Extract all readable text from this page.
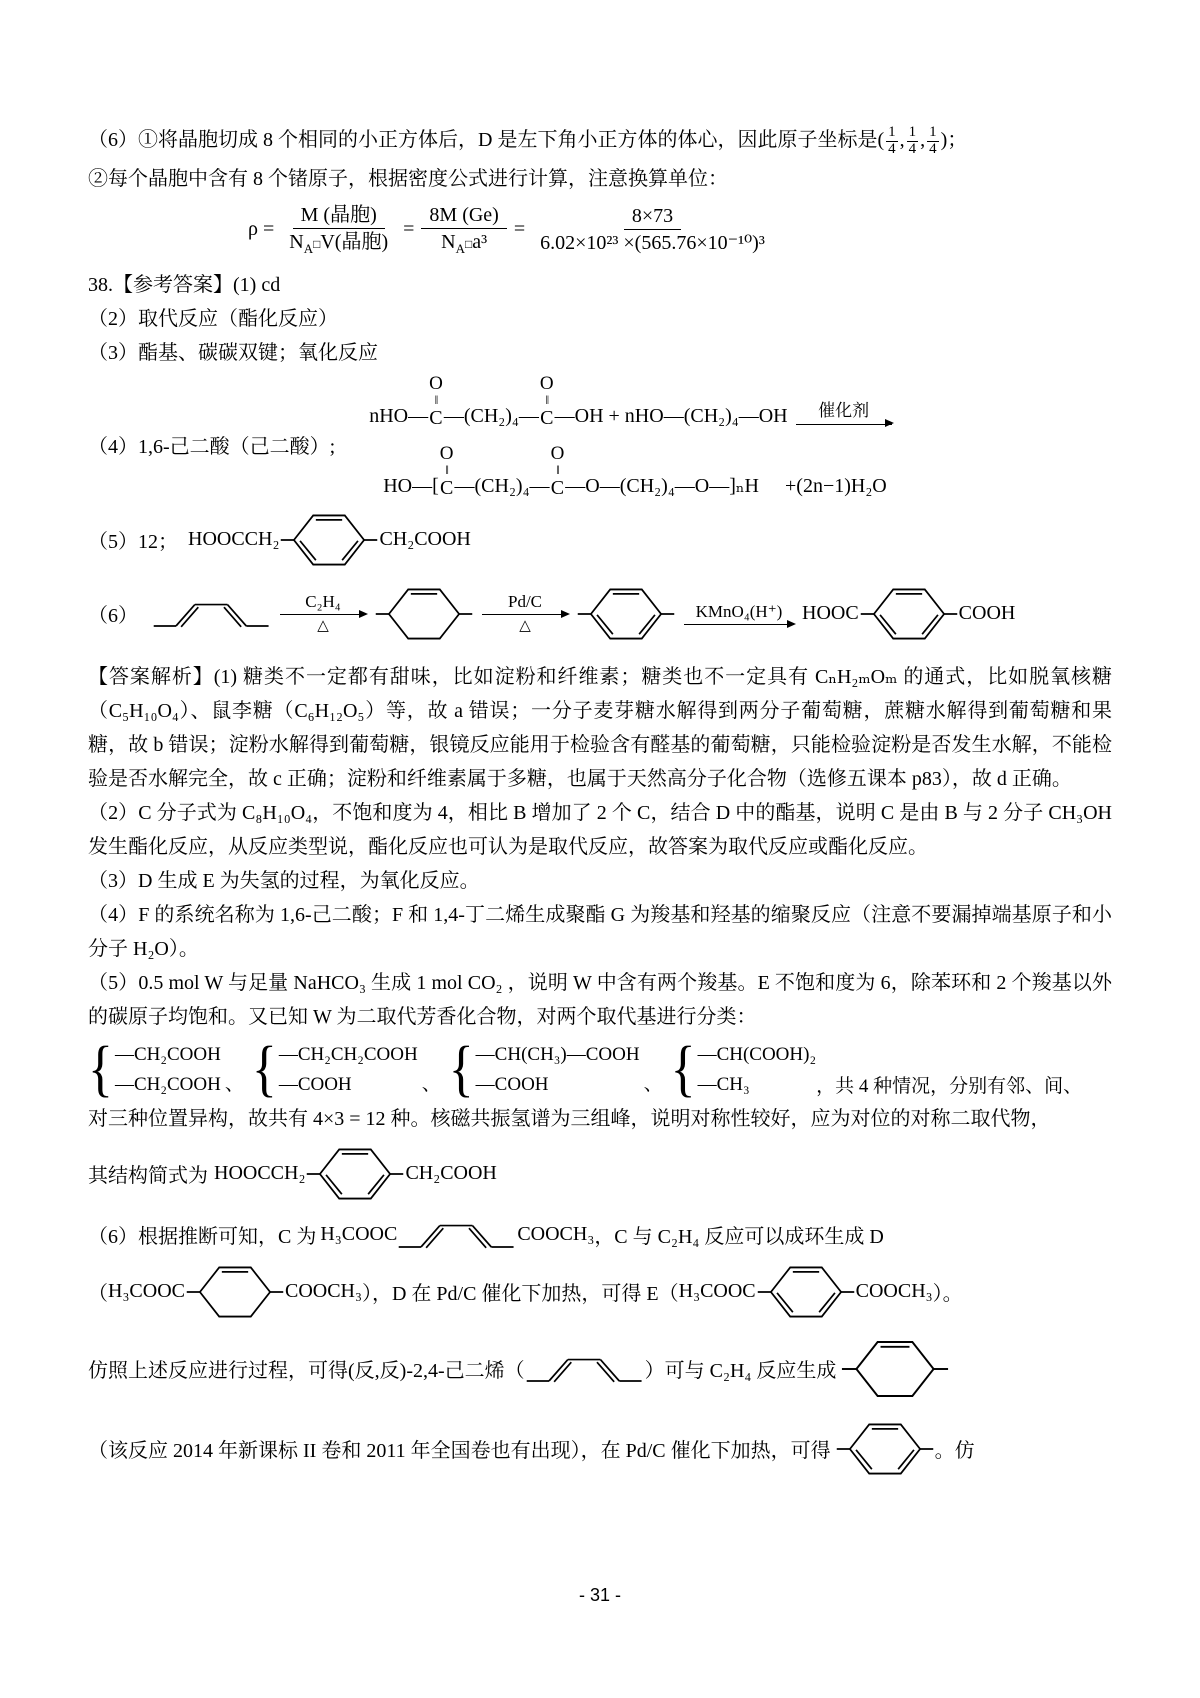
（6）①将晶胞切成 8 个相同的小正方体后，D 是左下角小正方体的体心，因此原子坐标是( $\frac{1}{4}$ , $\frac{1}{4}$ , $\frac{1}{4}$ )；

②每个晶胞中含有 8 个锗原子，根据密度公式进行计算，注意换算单位：

$\rho = \frac{\text{M (晶胞)}}{N_A□V(晶胞)} = \frac{8M (Ge)}{N_A□a^3} = \frac{8\times 73}{\text{6.02×10²³ ×(565.76×10⁻¹⁰)³}}$

38.【参考答案】(1) cd

（2）取代反应（酯化反应）

（3）酯基、碳碳双键；氧化反应

（4）1,6-己二酸（己二酸）;
nHO—
O
‖
C —(CH₂)₄—
O
‖
C —OH + nHO—(CH₂)₄—OH 催化剂
HO—[
O
‖
C —(CH₂)₄—
O
‖
C —O—(CH₂)₄—O—]ₙH +(2n−1)H₂O
（5）12； HOOCCH₂	CH₂COOH
（6）
C₂H₄
△
Pd/C
△
KMnO₄(H⁺) HOOC	COOH

【答案解析】(1) 糖类不一定都有甜味，比如淀粉和纤维素；糖类也不一定具有 CₙH₂ₘOₘ 的通式，比如脱氧核糖（C₅H₁₀O₄）、鼠李糖（C₆H₁₂O₅）等，故 a 错误；一分子麦芽糖水解得到两分子葡萄糖，蔗糖水解得到葡萄糖和果糖，故 b 错误；淀粉水解得到葡萄糖，银镜反应能用于检验含有醛基的葡萄糖，只能检验淀粉是否发生水解，不能检验是否水解完全，故 c 正确；淀粉和纤维素属于多糖，也属于天然高分子化合物（选修五课本 p83），故 d 正确。

（2）C 分子式为 C₈H₁₀O₄，不饱和度为 4，相比 B 增加了 2 个 C，结合 D 中的酯基，说明 C 是由 B 与 2 分子 CH₃OH 发生酯化反应，从反应类型说，酯化反应也可认为是取代反应，故答案为取代反应或酯化反应。

（3）D 生成 E 为失氢的过程，为氧化反应。

（4）F 的系统名称为 1,6-己二酸；F 和 1,4-丁二烯生成聚酯 G 为羧基和羟基的缩聚反应（注意不要漏掉端基原子和小分子 H₂O）。

（5）0.5 mol W 与足量 NaHCO₃ 生成 1 mol CO₂ ，说明 W 中含有两个羧基。E 不饱和度为 6，除苯环和 2 个羧基以外的碳原子均饱和。又已知 W 为二取代芳香化合物，对两个取代基进行分类：

{ —CH₂COOH
—CH₂COOH 、 { —CH₂CH₂COOH
—COOH	、 { —CH(CH₃)—COOH
—COOH	、 { —CH(COOH)₂
—CH₃	，共 4 种情况，分别有邻、间、

对三种位置异构，故共有 4×3 = 12 种。核磁共振氢谱为三组峰，说明对称性较好，应为对位的对称二取代物，

其结构简式为 HOOCCH₂	CH₂COOH
（6）根据推断可知，C 为 H₃COOC	COOCH₃ ，C 与 C₂H₄ 反应可以成环生成 D
（ H₃COOC	COOCH₃ ），D 在 Pd/C 催化下加热，可得 E（ H₃COOC	COOCH₃ ）。
仿照上述反应进行过程，可得(反,反)-2,4-己二烯（	）可与 C₂H₄ 反应生成
（该反应 2014 年新课标 II 卷和 2011 年全国卷也有出现），在 Pd/C 催化下加热，可得	。仿
- 31 -
